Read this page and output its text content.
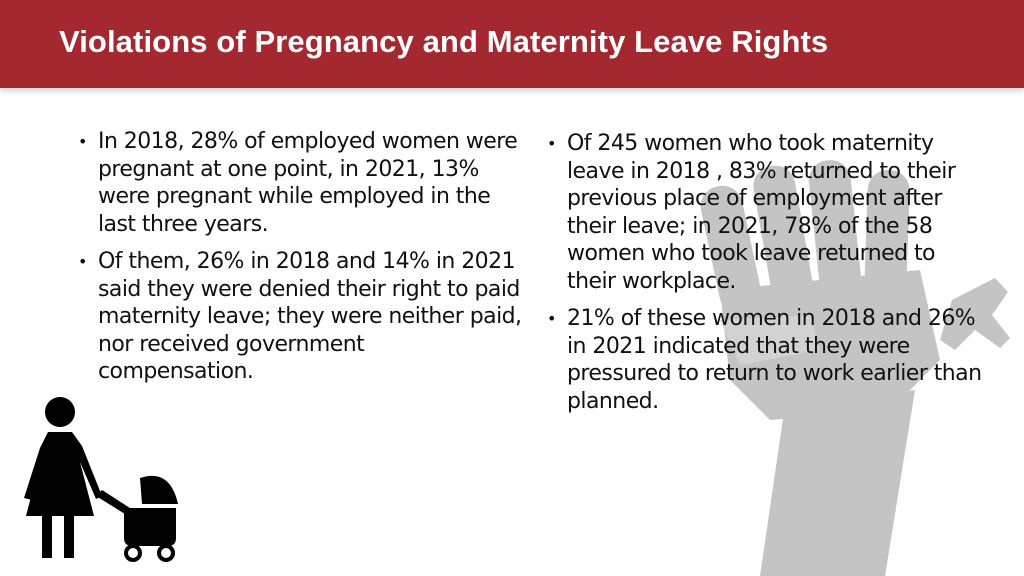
Violations of Pregnancy and Maternity Leave Rights
• In 2018, 28% of employed women were pregnant at one point, in 2021, 13% were pregnant while employed in the last three years.
• Of them, 26% in 2018 and 14% in 2021 said they were denied their right to paid maternity leave; they were neither paid, nor received government compensation.
• Of 245 women who took maternity leave in 2018 , 83% returned to their previous place of employment after their leave; in 2021, 78% of the 58 women who took leave returned to their workplace.
• 21% of these women in 2018 and 26% in 2021 indicated that they were pressured to return to work earlier than planned.
